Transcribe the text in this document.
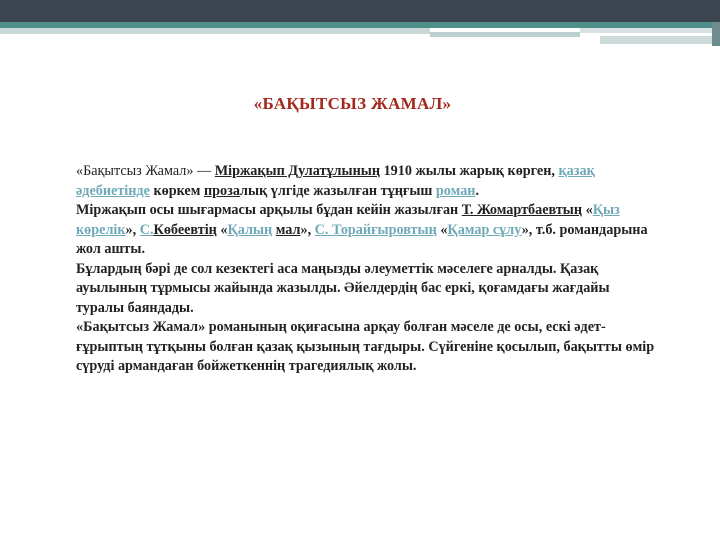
«БАҚЫТСЫЗ ЖАМАЛ»

«Бақытсыз Жамал» — Міржақып Дулатұлының 1910 жылы жарық көрген, қазақ әдебиетінде көркем прозалық үлгіде жазылған тұңғыш роман.

Міржақып осы шығармасы арқылы бұдан кейін жазылған Т. Жомартбаевтың «Қыз көрелік», С.Көбеевтің «Қалың мал», С. Торайғыровтың «Қамар сұлу», т.б. романдарына жол ашты.

Бұлардың бәрі де сол кезектегі аса маңызды әлеуметтік мәселеге арналды. Қазақ ауылының тұрмысы жайында жазылды. Әйелдердің бас еркі, қоғамдағы жағдайы туралы баяндады.

«Бақытсыз Жамал» романының оқиғасына арқау болған мәселе де осы, ескі әдет-ғұрыптың тұтқыны болған қазақ қызының тағдыры. Сүйгеніне қосылып, бақытты өмір сүруді армандаған бойжеткеннің трагедиялық жолы.
